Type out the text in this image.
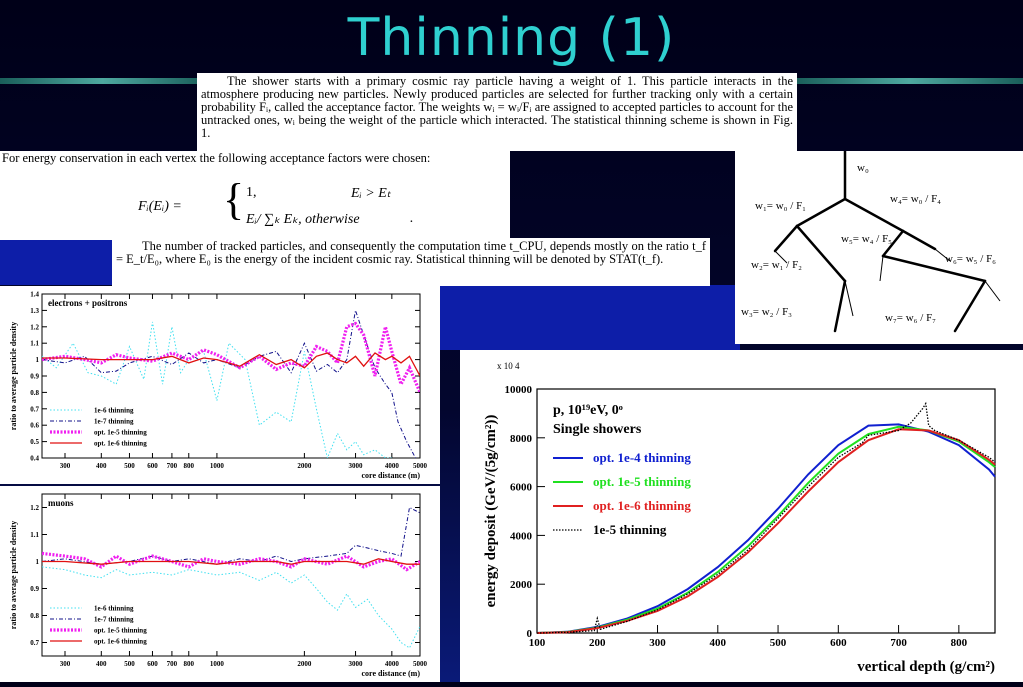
Thinning (1)
The shower starts with a primary cosmic ray particle having a weight of 1. This particle interacts in the atmosphere producing new particles. Newly produced particles are selected for further tracking only with a certain probability Fᵢ, called the acceptance factor. The weights wᵢ = wᵢ/Fᵢ are assigned to accepted particles to account for the untracked ones, wᵢ being the weight of the particle which interacted. The statistical thinning scheme is shown in Fig. 1.
For energy conservation in each vertex the following acceptance factors were chosen:
Fᵢ(Eᵢ) = { 1,	Eᵢ > Eₜ
Eᵢ/ ∑ₖ Eₖ, otherwise	.
The number of tracked particles, and consequently the computation time t_CPU, depends mostly on the ratio t_f = E_t/E₀, where E₀ is the energy of the incident cosmic ray. Statistical thinning will be denoted by STAT(t_f).
w₀
w₁= w₀ / F₁
w₄= w₀ / F₄
w₅= w₄ / F₅
w₂= w₁ / F₂	w₆= w₅ / F₆
w₃= w₂ / F₃	w₇= w₆ / F₇
300	400	500 600 700 800 1000	2000	3000	4000 5000
0.4
0.5
0.6
0.7
0.8
0.9
1
1.1
1.2
1.3
1.4
core distance (m)
ratio to average particle density
electrons + positrons
1e-6 thinning
1e-7 thinning
opt. 1e-5 thinning
opt. 1e-6 thinning
300	400	500 600 700 800 1000	2000	3000	4000 5000
0.7
0.8
0.9
1
1.1
1.2
core distance (m)
ratio to average particle density
muons
1e-6 thinning
1e-7 thinning
opt. 1e-5 thinning
opt. 1e-6 thinning	100	200	300	400	500	600	700	800
0
2000
4000
6000
8000
10000
x 10 4
vertical depth (g/cm²)
energy deposit (GeV/(5g/cm²))
p, 10¹⁹eV, 0ᵒ
Single showers
opt. 1e-4 thinning
opt. 1e-5 thinning
opt. 1e-6 thinning
1e-5 thinning
